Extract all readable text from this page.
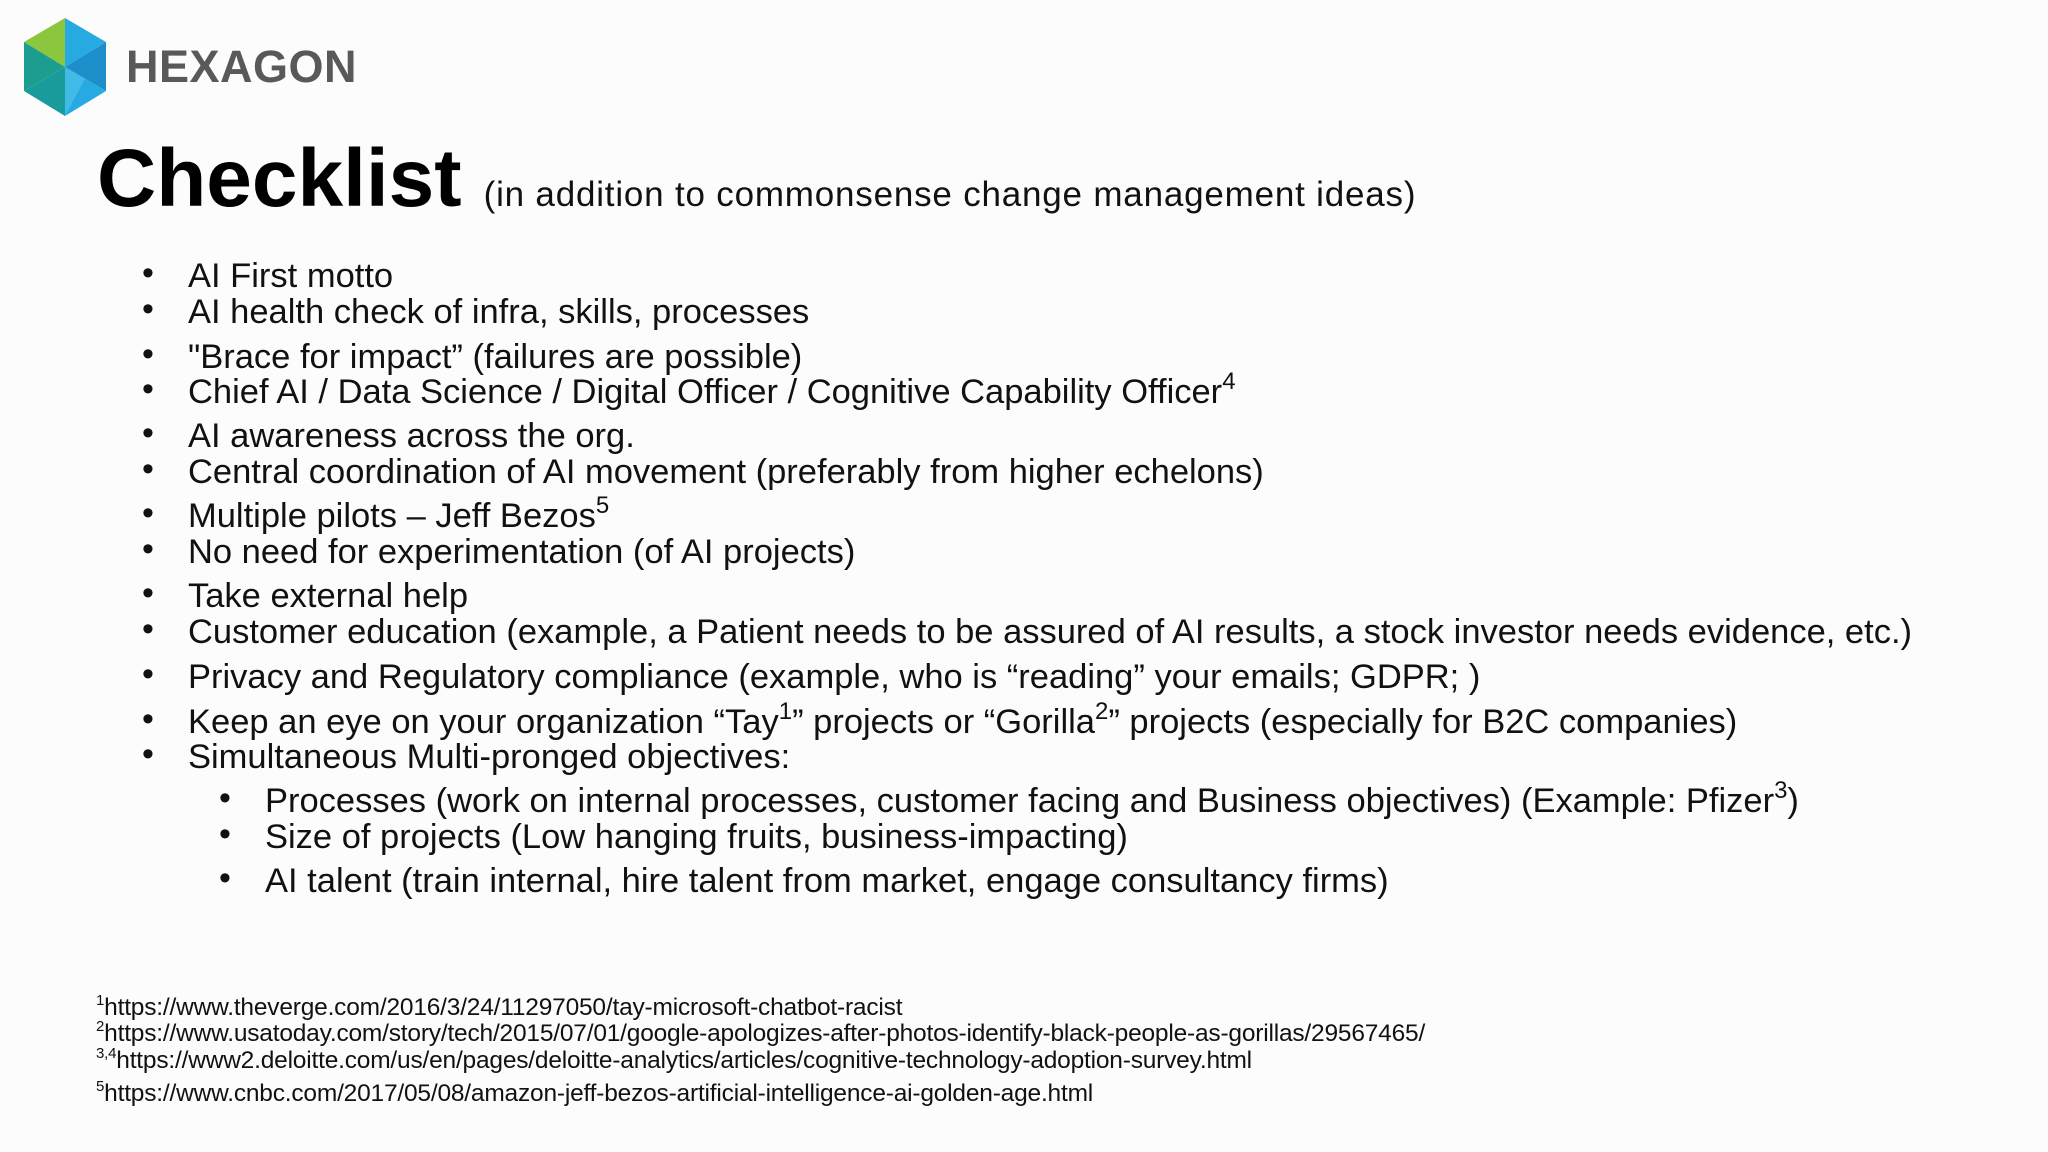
HEXAGON
Checklist (in addition to commonsense change management ideas)
• AI First motto
• AI health check of infra, skills, processes
• "Brace for impact” (failures are possible)
• Chief AI / Data Science / Digital Officer / Cognitive Capability Officer$^4$
• AI awareness across the org.
• Central coordination of AI movement (preferably from higher echelons)
• Multiple pilots – Jeff Bezos$^5$
• No need for experimentation (of AI projects)
• Take external help
• Customer education (example, a Patient needs to be assured of AI results, a stock investor needs evidence, etc.)
• Privacy and Regulatory compliance (example, who is “reading” your emails; GDPR; )
• Keep an eye on your organization “Tay$^1$” projects or “Gorilla$^2$” projects (especially for B2C companies)
• Simultaneous Multi-pronged objectives:
• Processes (work on internal processes, customer facing and Business objectives) (Example: Pfizer$^3$)
• Size of projects (Low hanging fruits, business-impacting)
• AI talent (train internal, hire talent from market, engage consultancy firms)
$^1$https://www.theverge.com/2016/3/24/11297050/tay-microsoft-chatbot-racist
$^2$https://www.usatoday.com/story/tech/2015/07/01/google-apologizes-after-photos-identify-black-people-as-gorillas/29567465/
$^{3,4}$https://www2.deloitte.com/us/en/pages/deloitte-analytics/articles/cognitive-technology-adoption-survey.html
$^5$https://www.cnbc.com/2017/05/08/amazon-jeff-bezos-artificial-intelligence-ai-golden-age.html
